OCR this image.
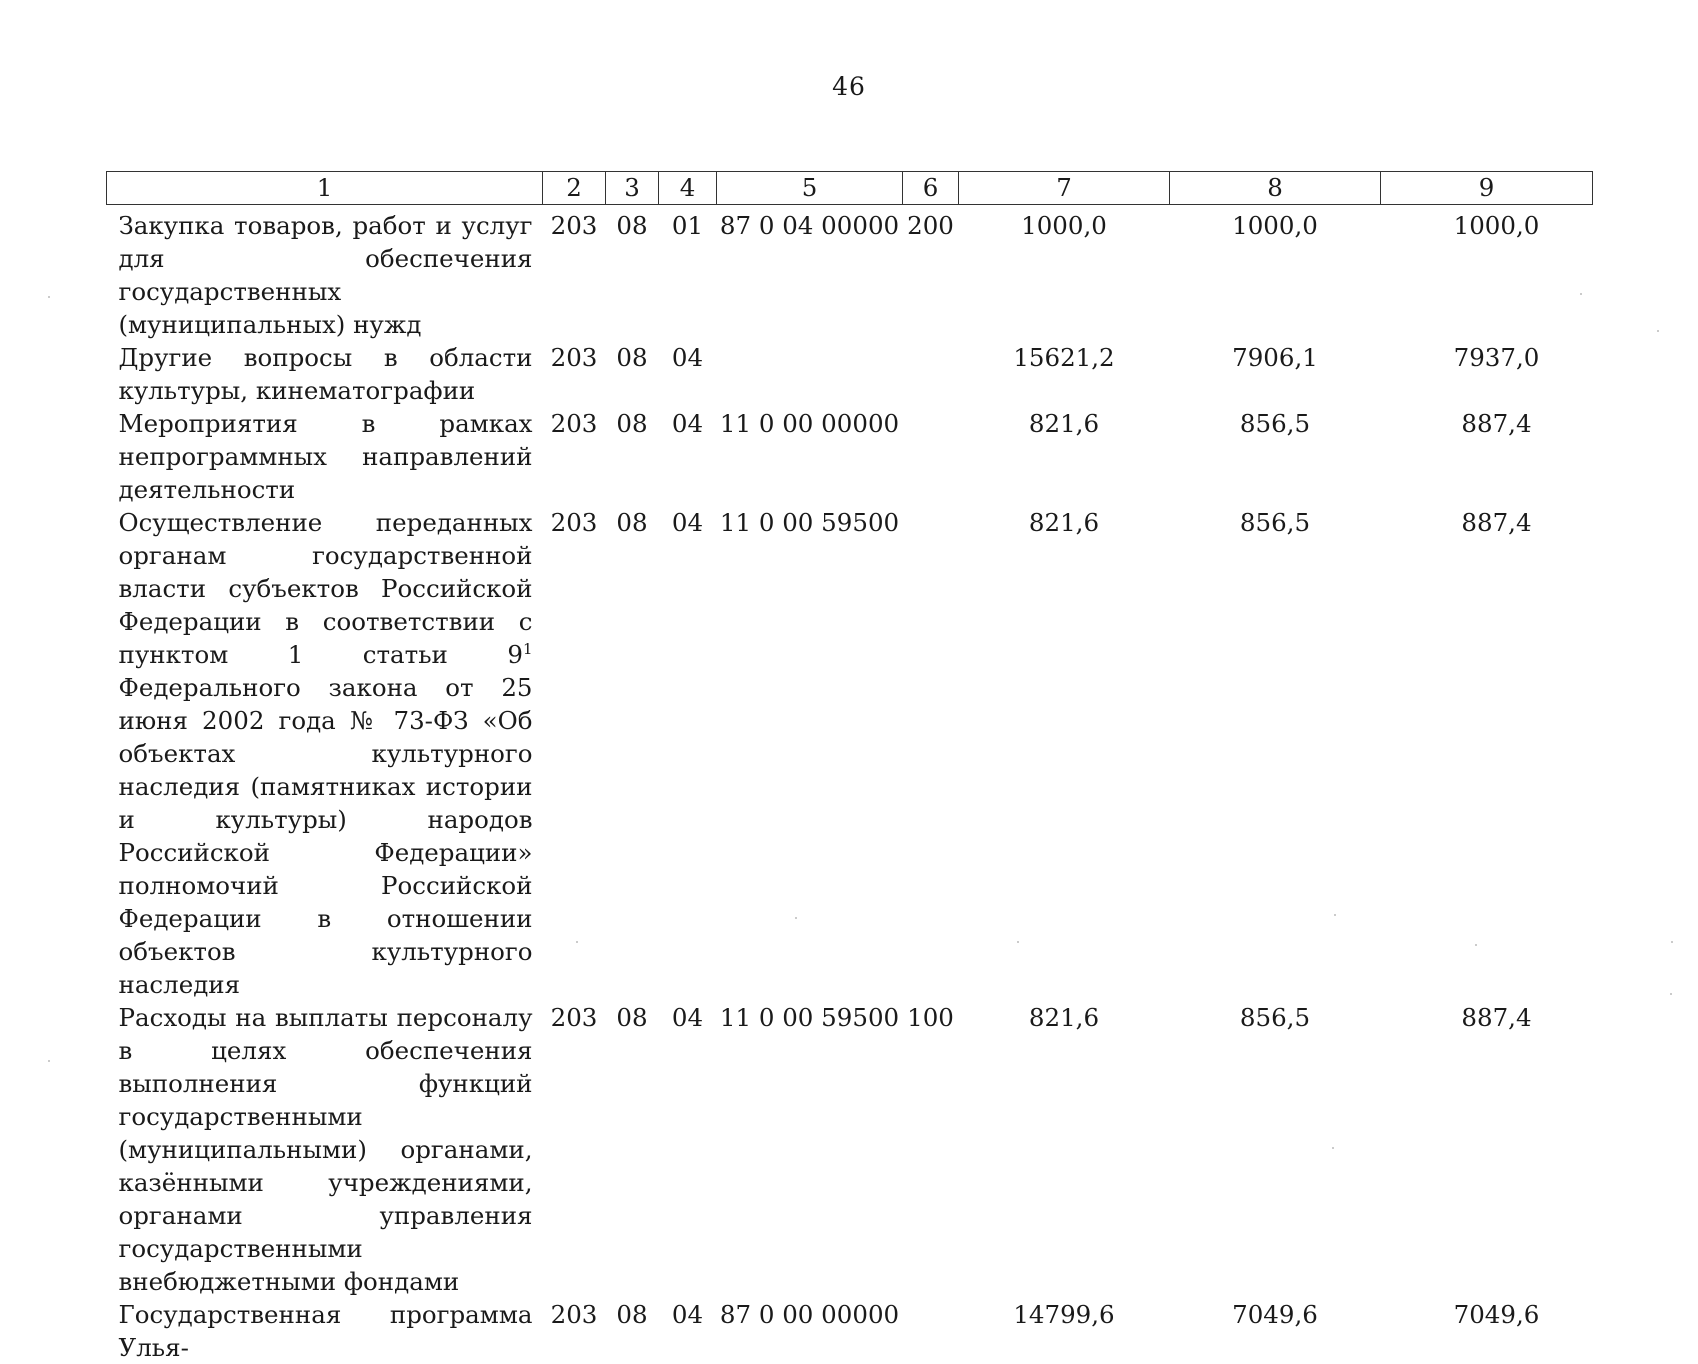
46
1	2	3	4	5	6	7	8	9
Закупка товаров, работ и услуг для обеспечения государственных (муниципальных) нужд	203	08	01	87 0 04 00000	200	1000,0	1000,0	1000,0
Другие вопросы в области культуры, кинематографии	203	08	04			15621,2	7906,1	7937,0
Мероприятия в рамках непрограммных направлений деятельности	203	08	04	11 0 00 00000		821,6	856,5	887,4
Осуществление переданных органам государственной власти субъектов Российской Федерации в соответствии с пунктом 1 статьи $9^1$ Федерального закона от 25 июня 2002 года № 73-ФЗ «Об объектах культурного наследия (памятниках истории и культуры) народов Российской Федерации» полномочий Российской Федерации в отношении объектов культурного наследия	203	08	04	11 0 00 59500		821,6	856,5	887,4
Расходы на выплаты персоналу в целях обеспечения выполнения функций государственными (муниципальными) органами, казёнными учреждениями, органами управления государственными внебюджетными фондами	203	08	04	11 0 00 59500	100	821,6	856,5	887,4
Государственная программа Улья-	203	08	04	87 0 00 00000		14799,6	7049,6	7049,6
